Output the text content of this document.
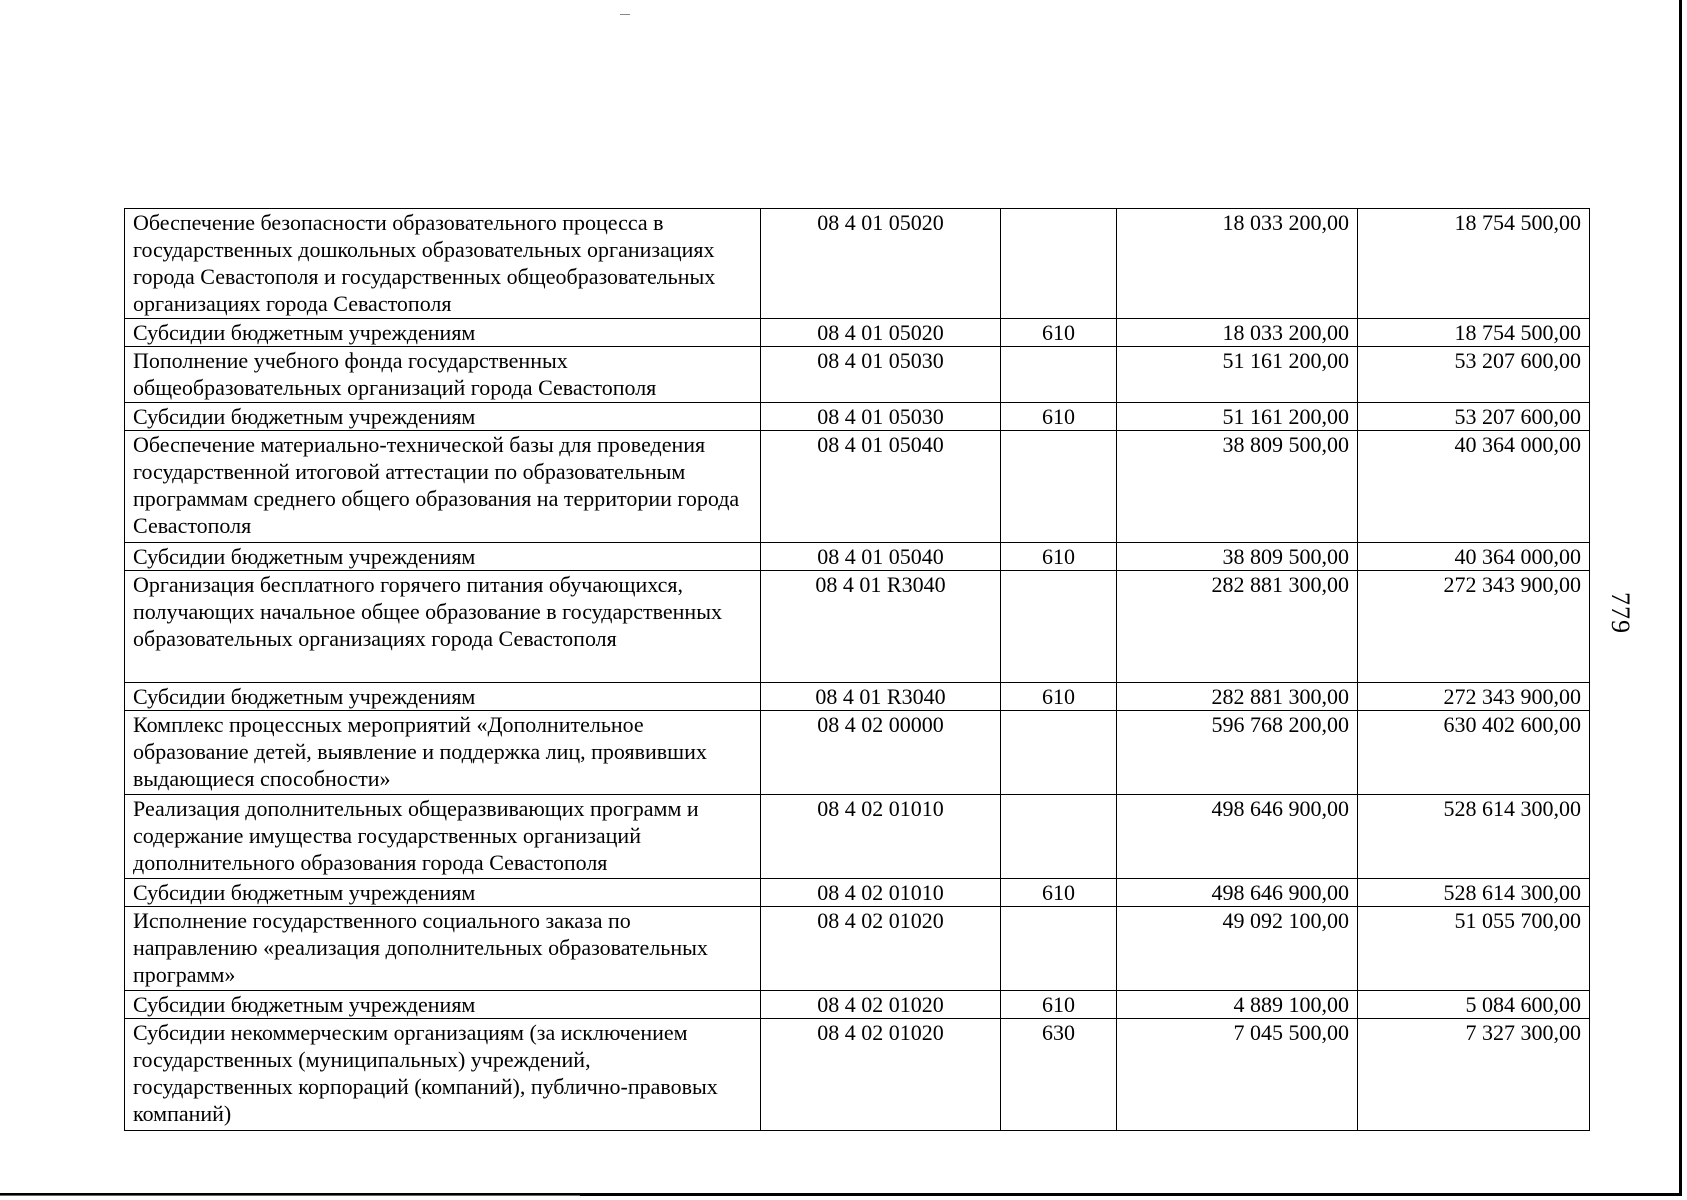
Обеспечение безопасности образовательного процесса в государственных дошкольных образовательных организациях города Севастополя и государственных общеобразовательных организациях города Севастополя	08 4 01 05020		18 033 200,00	18 754 500,00
Субсидии бюджетным учреждениям	08 4 01 05020	610	18 033 200,00	18 754 500,00
Пополнение учебного фонда государственных общеобразовательных организаций города Севастополя	08 4 01 05030		51 161 200,00	53 207 600,00
Субсидии бюджетным учреждениям	08 4 01 05030	610	51 161 200,00	53 207 600,00
Обеспечение материально-технической базы для проведения государственной итоговой аттестации по образовательным программам среднего общего образования на территории города Севастополя	08 4 01 05040		38 809 500,00	40 364 000,00
Субсидии бюджетным учреждениям	08 4 01 05040	610	38 809 500,00	40 364 000,00
Организация бесплатного горячего питания обучающихся, получающих начальное общее образование в государственных образовательных организациях города Севастополя	08 4 01 R3040		282 881 300,00	272 343 900,00
Субсидии бюджетным учреждениям	08 4 01 R3040	610	282 881 300,00	272 343 900,00
Комплекс процессных мероприятий «Дополнительное образование детей, выявление и поддержка лиц, проявивших выдающиеся способности»	08 4 02 00000		596 768 200,00	630 402 600,00
Реализация дополнительных общеразвивающих программ и содержание имущества государственных организаций дополнительного образования города Севастополя	08 4 02 01010		498 646 900,00	528 614 300,00
Субсидии бюджетным учреждениям	08 4 02 01010	610	498 646 900,00	528 614 300,00
Исполнение государственного социального заказа по направлению «реализация дополнительных образовательных программ»	08 4 02 01020		49 092 100,00	51 055 700,00
Субсидии бюджетным учреждениям	08 4 02 01020	610	4 889 100,00	5 084 600,00
Субсидии некоммерческим организациям (за исключением государственных (муниципальных) учреждений, государственных корпораций (компаний), публично-правовых компаний)	08 4 02 01020	630	7 045 500,00	7 327 300,00
779
